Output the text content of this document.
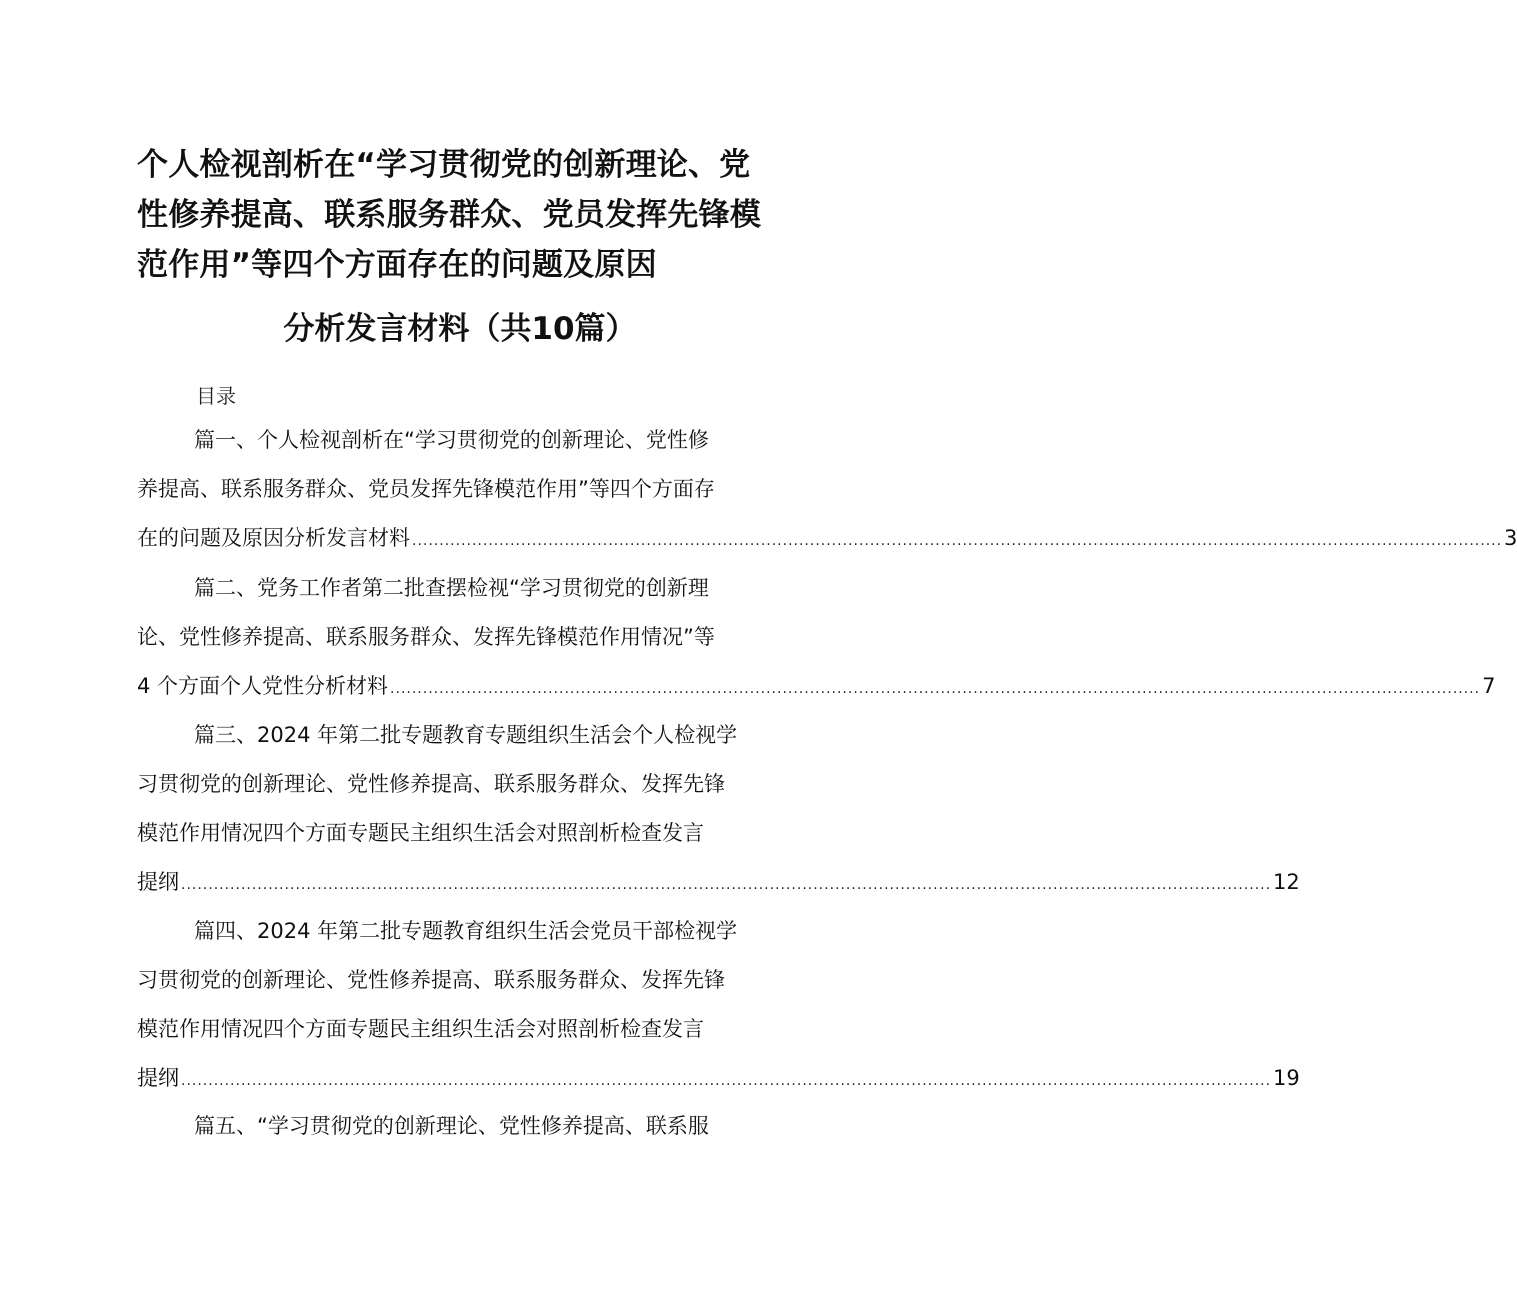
个人检视剖析在“学习贯彻党的创新理论、党
性修养提高、联系服务群众、党员发挥先锋模
范作用”等四个方面存在的问题及原因
分析发言材料（共10篇）
目录
篇一、个人检视剖析在“学习贯彻党的创新理论、党性修
养提高、联系服务群众、党员发挥先锋模范作用”等四个方面存
在的问题及原因分析发言材料 ........................................................................................................................................................................................................ 3
篇二、党务工作者第二批查摆检视“学习贯彻党的创新理
论、党性修养提高、联系服务群众、发挥先锋模范作用情况”等
4 个方面个人党性分析材料 ........................................................................................................................................................................................................ 7
篇三、2024 年第二批专题教育专题组织生活会个人检视学
习贯彻党的创新理论、党性修养提高、联系服务群众、发挥先锋
模范作用情况四个方面专题民主组织生活会对照剖析检查发言
提纲 ........................................................................................................................................................................................................ 12
篇四、2024 年第二批专题教育组织生活会党员干部检视学
习贯彻党的创新理论、党性修养提高、联系服务群众、发挥先锋
模范作用情况四个方面专题民主组织生活会对照剖析检查发言
提纲 ........................................................................................................................................................................................................ 19
篇五、“学习贯彻党的创新理论、党性修养提高、联系服
